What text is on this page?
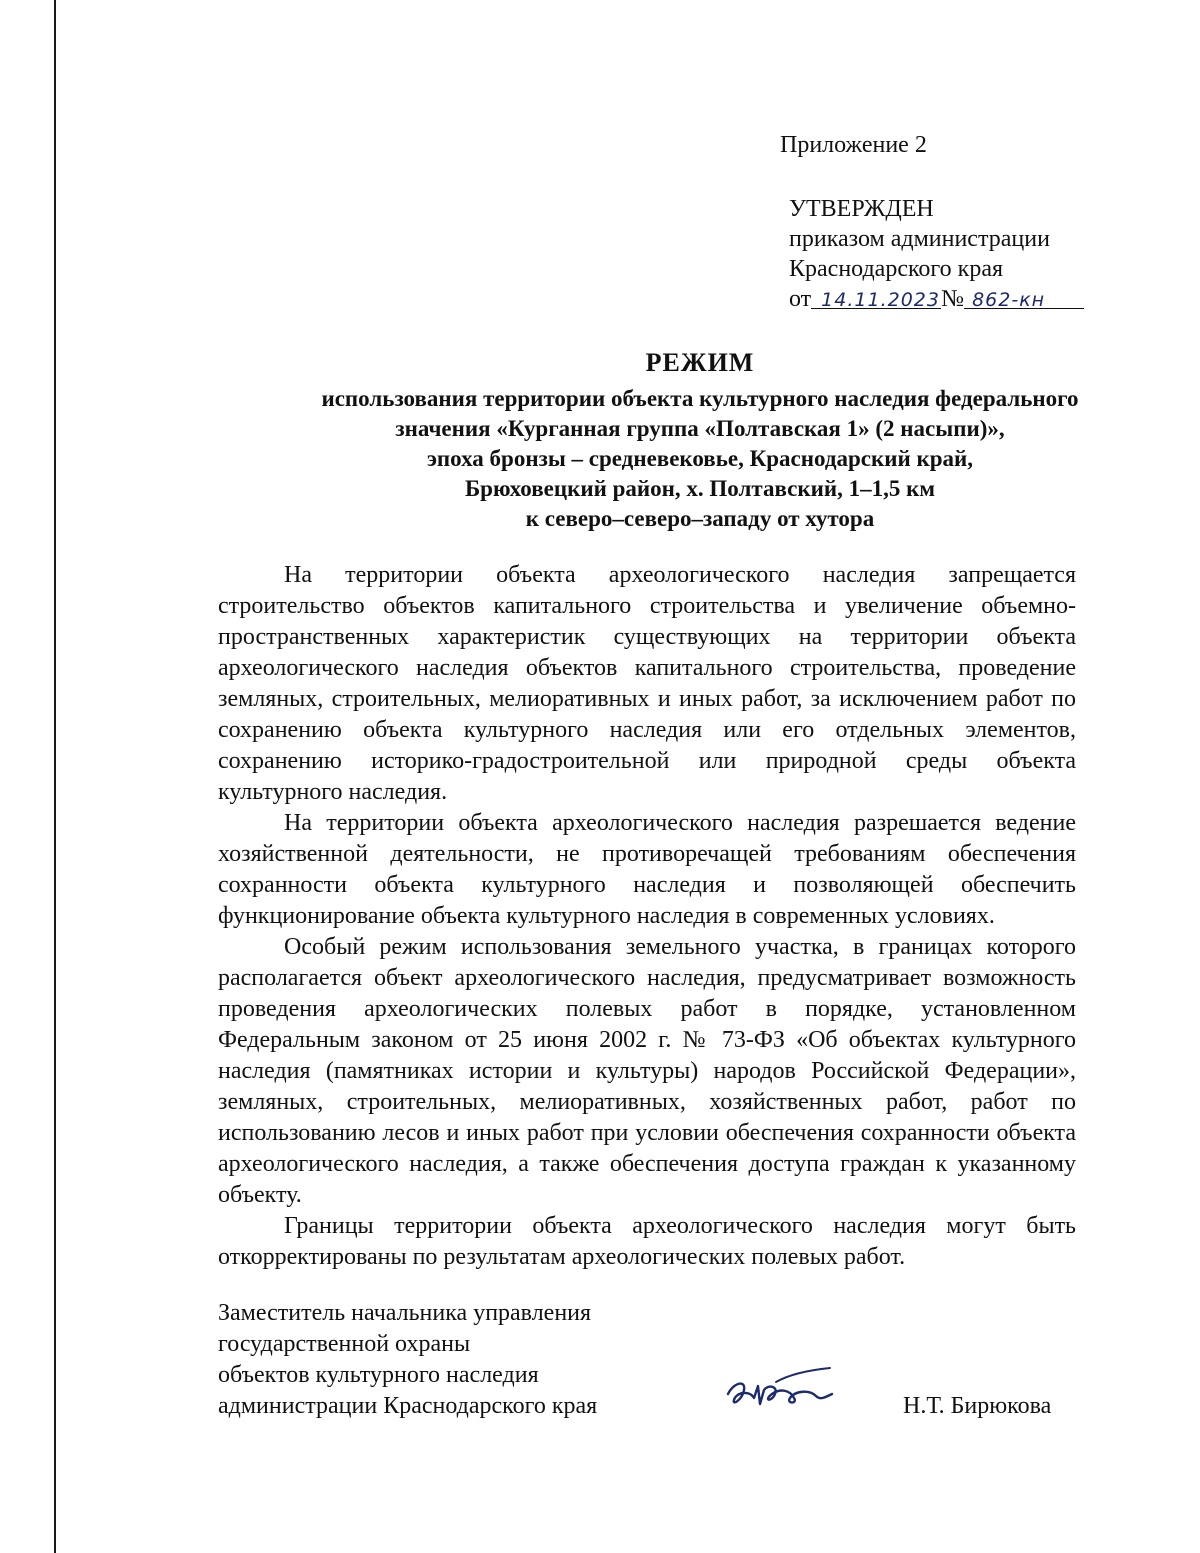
Приложение 2
УТВЕРЖДЕН
приказом администрации
Краснодарского края
от 14.11.2023№ 862-кн
РЕЖИМ
использования территории объекта культурного наследия федерального
значения «Курганная группа «Полтавская 1» (2 насыпи)»,
эпоха бронзы – средневековье, Краснодарский край,
Брюховецкий район, х. Полтавский, 1–1,5 км
к северо–северо–западу от хутора

На территории объекта археологического наследия запрещается строительство объектов капитального строительства и увеличение объемно-пространственных характеристик существующих на территории объекта археологического наследия объектов капитального строительства, проведение земляных, строительных, мелиоративных и иных работ, за исключением работ по сохранению объекта культурного наследия или его отдельных элементов, сохранению историко-градостроительной или природной среды объекта культурного наследия.

На территории объекта археологического наследия разрешается ведение хозяйственной деятельности, не противоречащей требованиям обеспечения сохранности объекта культурного наследия и позволяющей обеспечить функционирование объекта культурного наследия в современных условиях.

Особый режим использования земельного участка, в границах которого располагается объект археологического наследия, предусматривает возможность проведения археологических полевых работ в порядке, установленном Федеральным законом от 25 июня 2002 г. № 73-ФЗ «Об объектах культурного наследия (памятниках истории и культуры) народов Российской Федерации», земляных, строительных, мелиоративных, хозяйственных работ, работ по использованию лесов и иных работ при условии обеспечения сохранности объекта археологического наследия, а также обеспечения доступа граждан к указанному объекту.

Границы территории объекта археологического наследия могут быть откорректированы по результатам археологических полевых работ.

Заместитель начальника управления
государственной охраны
объектов культурного наследия
администрации Краснодарского края	Н.Т. Бирюкова
